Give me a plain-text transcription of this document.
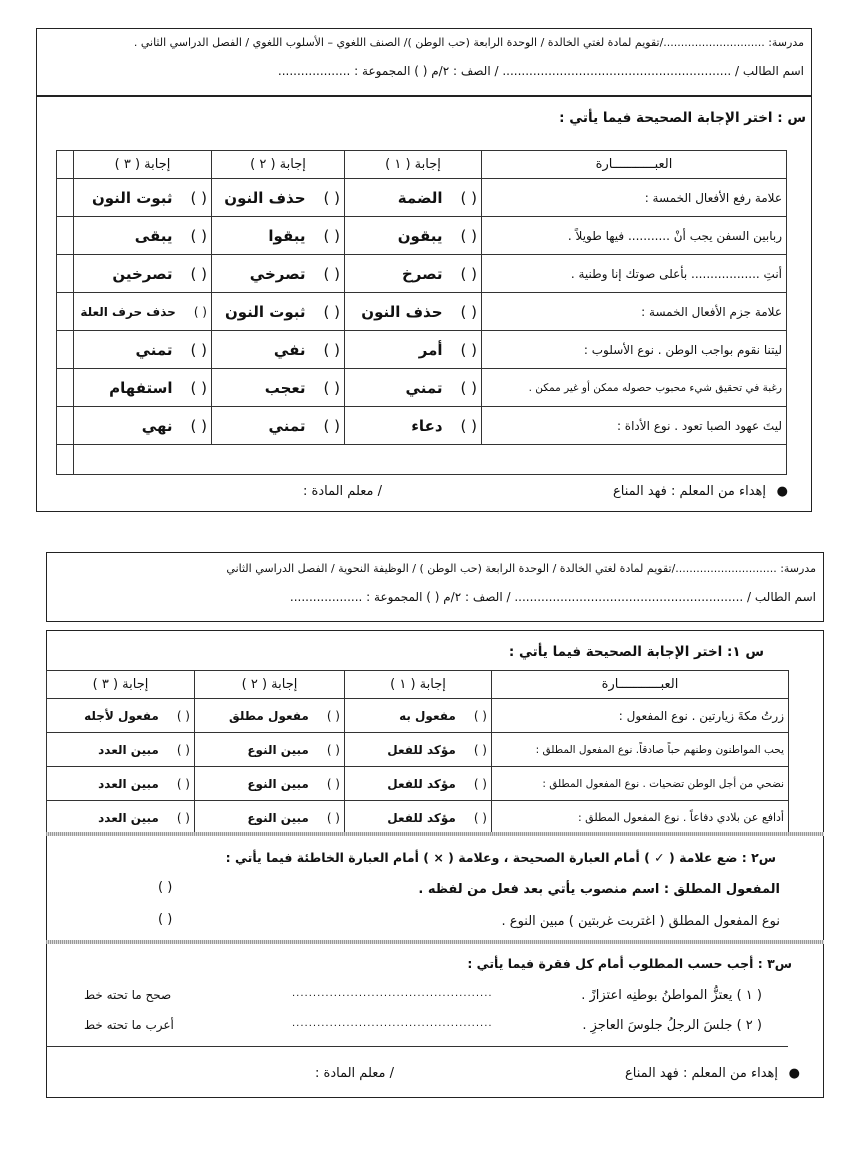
مدرسة: ............................./تقويم لمادة لغتي الخالدة / الوحدة الرابعة (حب الوطن )/ الصنف اللغوي – الأسلوب اللغوي / الفصل الدراسي الثاني .
اسم الطالب / ............................................................ / الصف : ٢/م ( ) المجموعة : ...................
س : اختر الإجابة الصحيحة فيما يأتي :
العبـــــــــــارة	إجابة ( ١ )	إجابة ( ٢ )	إجابة ( ٣ )	
علامة رفع الأفعال الخمسة :	( )الضمة	( )حذف النون	( )ثبوت النون	
ربابين السفن يجب أنْ ........... فيها طويلاً .	( )يبقون	( )يبقوا	( )يبقى	
أنتِ .................. بأعلى صوتك إنا وطنية .	( )تصرخ	( )تصرخي	( )تصرخين	
علامة جزم الأفعال الخمسة :	( )حذف النون	( )ثبوت النون	( )حذف حرف العلة	
ليتنا نقوم بواجب الوطن . نوع الأسلوب :	( )أمر	( )نفي	( )تمني	
رغبة في تحقيق شيء محبوب حصوله ممكن أو غير ممكن .	( )تمني	( )تعجب	( )استفهام	
ليتَ عهود الصبا تعود . نوع الأداة :	( )دعاء	( )تمني	( )نهي	

●
إهداء من المعلم : فهد المناع
/ معلم المادة :
مدرسة: ............................./تقويم لمادة لغتي الخالدة / الوحدة الرابعة (حب الوطن ) / الوظيفة النحوية / الفصل الدراسي الثاني
اسم الطالب / ............................................................ / الصف : ٢/م ( ) المجموعة : ...................
س ١: اختر الإجابة الصحيحة فيما يأتي :
العبـــــــــــارة	إجابة ( ١ )	إجابة ( ٢ )	إجابة ( ٣ )
زرتُ مكةَ زيارتين . نوع المفعول :	( )مفعول به	( )مفعول مطلق	( )مفعول لأجله
يحب المواطنون وطنهم حباً صادقاً. نوع المفعول المطلق :	( )مؤكد للفعل	( )مبين النوع	( )مبين العدد
نضحي من أجل الوطن تضحيات . نوع المفعول المطلق :	( )مؤكد للفعل	( )مبين النوع	( )مبين العدد
أدافع عن بلادي دفاعاً . نوع المفعول المطلق :	( )مؤكد للفعل	( )مبين النوع	( )مبين العدد
س٢ : ضع علامة ( ✓ ) أمام العبارة الصحيحة ، وعلامة ( × ) أمام العبارة الخاطئة فيما يأتي :
المفعول المطلق : اسم منصوب يأتي بعد فعل من لفظه .
( )
نوع المفعول المطلق ( اغتربت غربتين ) مبين النوع .
( )
س٣ : أجب حسب المطلوب أمام كل فقرة فيما يأتي :
( ١ ) يعتزُّ المواطنُ بوطنِه اعتزازً .
................................................
صحح ما تحته خط
( ٢ ) جلسَ الرجلُ جلوسَ العاجزِ .
................................................
أعرب ما تحته خط
●
إهداء من المعلم : فهد المناع
/ معلم المادة :
